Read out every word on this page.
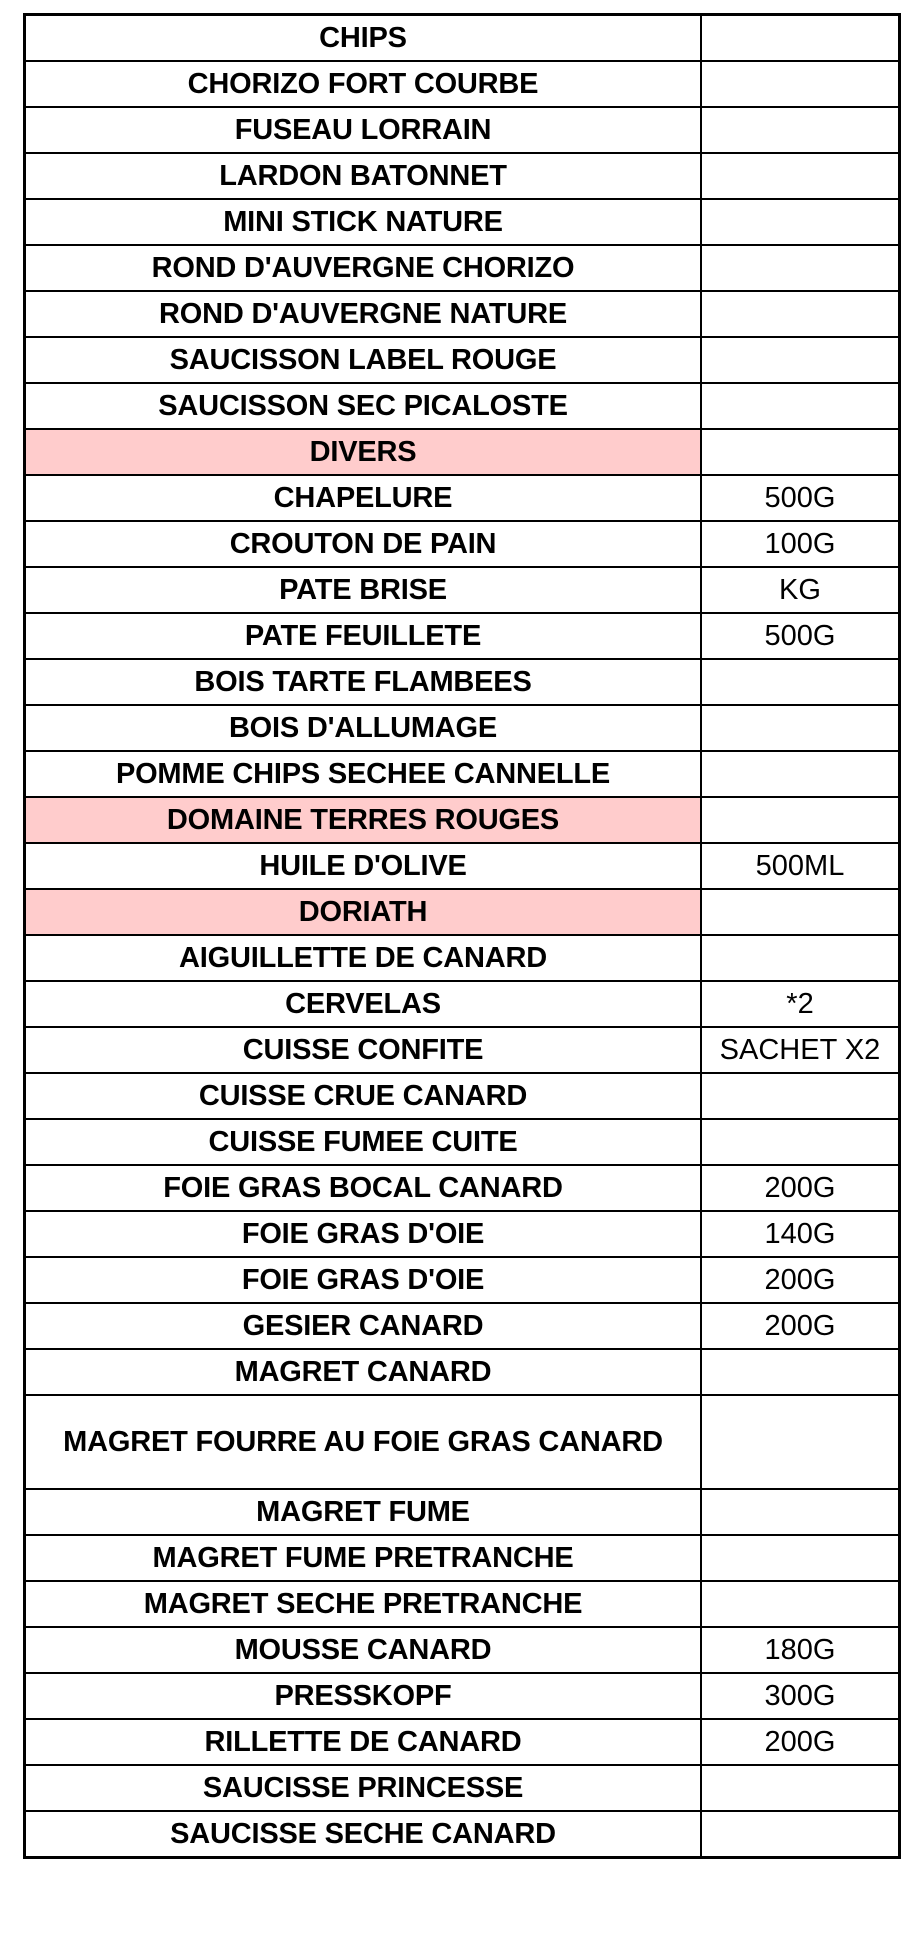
CHIPS	
CHORIZO FORT COURBE	
FUSEAU LORRAIN	
LARDON BATONNET	
MINI STICK NATURE	
ROND D'AUVERGNE CHORIZO	
ROND D'AUVERGNE NATURE	
SAUCISSON LABEL ROUGE	
SAUCISSON SEC PICALOSTE	
DIVERS	
CHAPELURE	500G
CROUTON DE PAIN	100G
PATE BRISE	KG
PATE FEUILLETE	500G
BOIS TARTE FLAMBEES	
BOIS D'ALLUMAGE	
POMME CHIPS SECHEE CANNELLE	
DOMAINE TERRES ROUGES	
HUILE D'OLIVE	500ML
DORIATH	
AIGUILLETTE DE CANARD	
CERVELAS	*2
CUISSE CONFITE	SACHET X2
CUISSE CRUE CANARD	
CUISSE FUMEE CUITE	
FOIE GRAS BOCAL CANARD	200G
FOIE GRAS D'OIE	140G
FOIE GRAS D'OIE	200G
GESIER CANARD	200G
MAGRET CANARD	
MAGRET FOURRE AU FOIE GRAS CANARD	
MAGRET FUME	
MAGRET FUME PRETRANCHE	
MAGRET SECHE PRETRANCHE	
MOUSSE CANARD	180G
PRESSKOPF	300G
RILLETTE DE CANARD	200G
SAUCISSE PRINCESSE	
SAUCISSE SECHE CANARD	
